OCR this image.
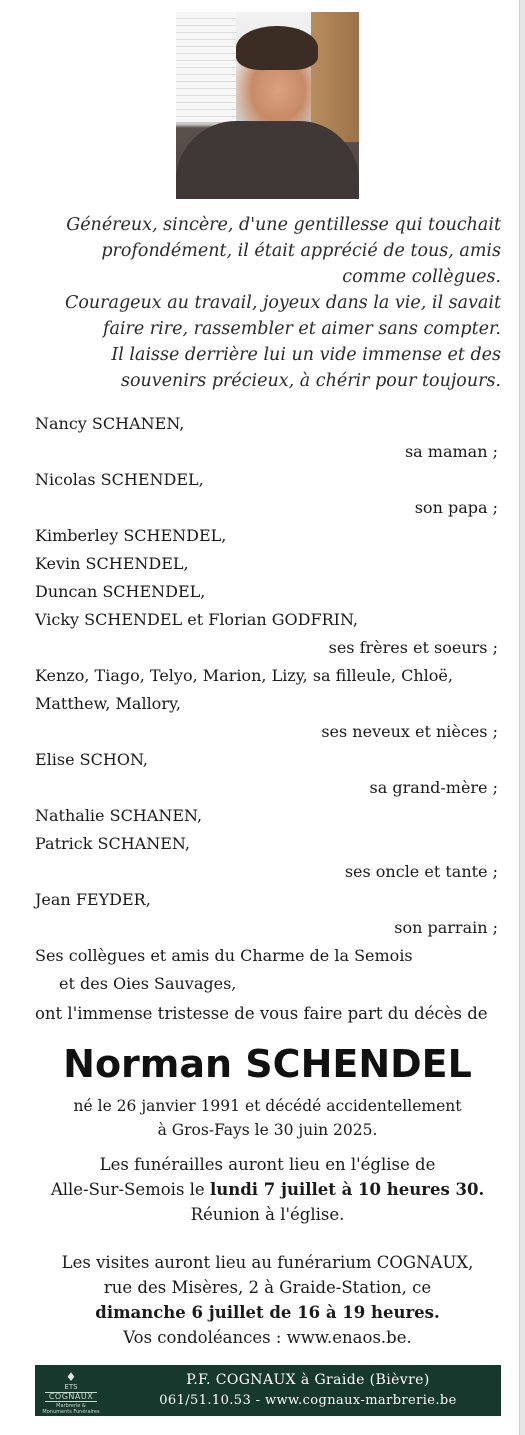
Généreux, sincère, d'une gentillesse qui touchait

profondément, il était apprécié de tous, amis

comme collègues.

Courageux au travail, joyeux dans la vie, il savait

faire rire, rassembler et aimer sans compter.

Il laisse derrière lui un vide immense et des

souvenirs précieux, à chérir pour toujours.

Nancy SCHANEN,
sa maman ;
Nicolas SCHENDEL,
son papa ;
Kimberley SCHENDEL,
Kevin SCHENDEL,
Duncan SCHENDEL,
Vicky SCHENDEL et Florian GODFRIN,
ses frères et soeurs ;
Kenzo, Tiago, Telyo, Marion, Lizy, sa filleule, Chloë,
Matthew, Mallory,
ses neveux et nièces ;
Elise SCHON,
sa grand-mère ;
Nathalie SCHANEN,
Patrick SCHANEN,
ses oncle et tante ;
Jean FEYDER,
son parrain ;
Ses collègues et amis du Charme de la Semois
et des Oies Sauvages,
ont l'immense tristesse de vous faire part du décès de
Norman SCHENDEL
né le 26 janvier 1991 et décédé accidentellement
à Gros-Fays le 30 juin 2025.
Les funérailles auront lieu en l'église de
Alle-Sur-Semois le lundi 7 juillet à 10 heures 30.
Réunion à l'église.
Les visites auront lieu au funérarium COGNAUX,
rue des Misères, 2 à Graide-Station, ce
dimanche 6 juillet de 16 à 19 heures.
Vos condoléances : www.enaos.be.
♦
ETS
COGNAUX
Marbrerie & Monuments Funéraires
P.F. COGNAUX à Graide (Bièvre)
061/51.10.53 - www.cognaux-marbrerie.be
